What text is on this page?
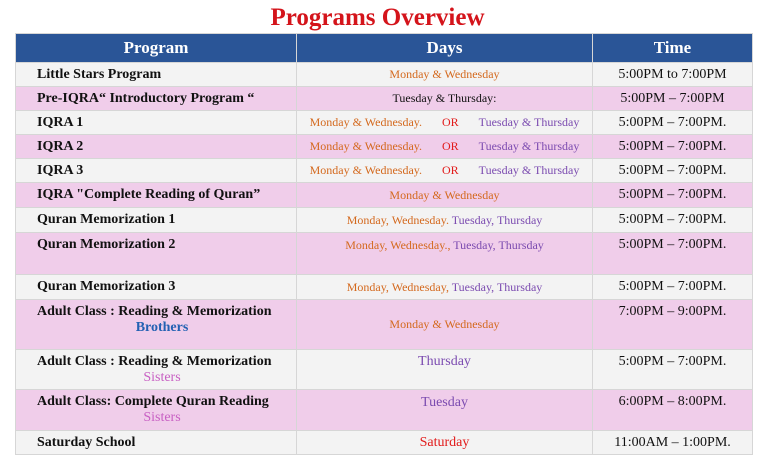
Programs Overview
Program	Days	Time

Little Stars Program	Monday & Wednesday	5:00PM to 7:00PM

Pre-IQRA“ Introductory Program “	Tuesday & Thursday:	5:00PM – 7:00PM

IQRA 1	Monday & Wednesday. OR Tuesday & Thursday	5:00PM – 7:00PM.

IQRA 2	Monday & Wednesday. OR Tuesday & Thursday	5:00PM – 7:00PM.

IQRA 3	Monday & Wednesday. OR Tuesday & Thursday	5:00PM – 7:00PM.

IQRA "Complete Reading of Quran”	Monday & Wednesday	5:00PM – 7:00PM.

Quran Memorization 1	Monday, Wednesday. Tuesday, Thursday	5:00PM – 7:00PM.

Quran Memorization 2	Monday, Wednesday., Tuesday, Thursday	5:00PM – 7:00PM.

Quran Memorization 3	Monday, Wednesday, Tuesday, Thursday	5:00PM – 7:00PM.

Adult Class : Reading & Memorization
Brothers	Monday & Wednesday	7:00PM – 9:00PM.

Adult Class : Reading & Memorization
Sisters	Thursday	5:00PM – 7:00PM.

Adult Class: Complete Quran Reading
Sisters	Tuesday	6:00PM – 8:00PM.

Saturday School	Saturday	11:00AM – 1:00PM.
